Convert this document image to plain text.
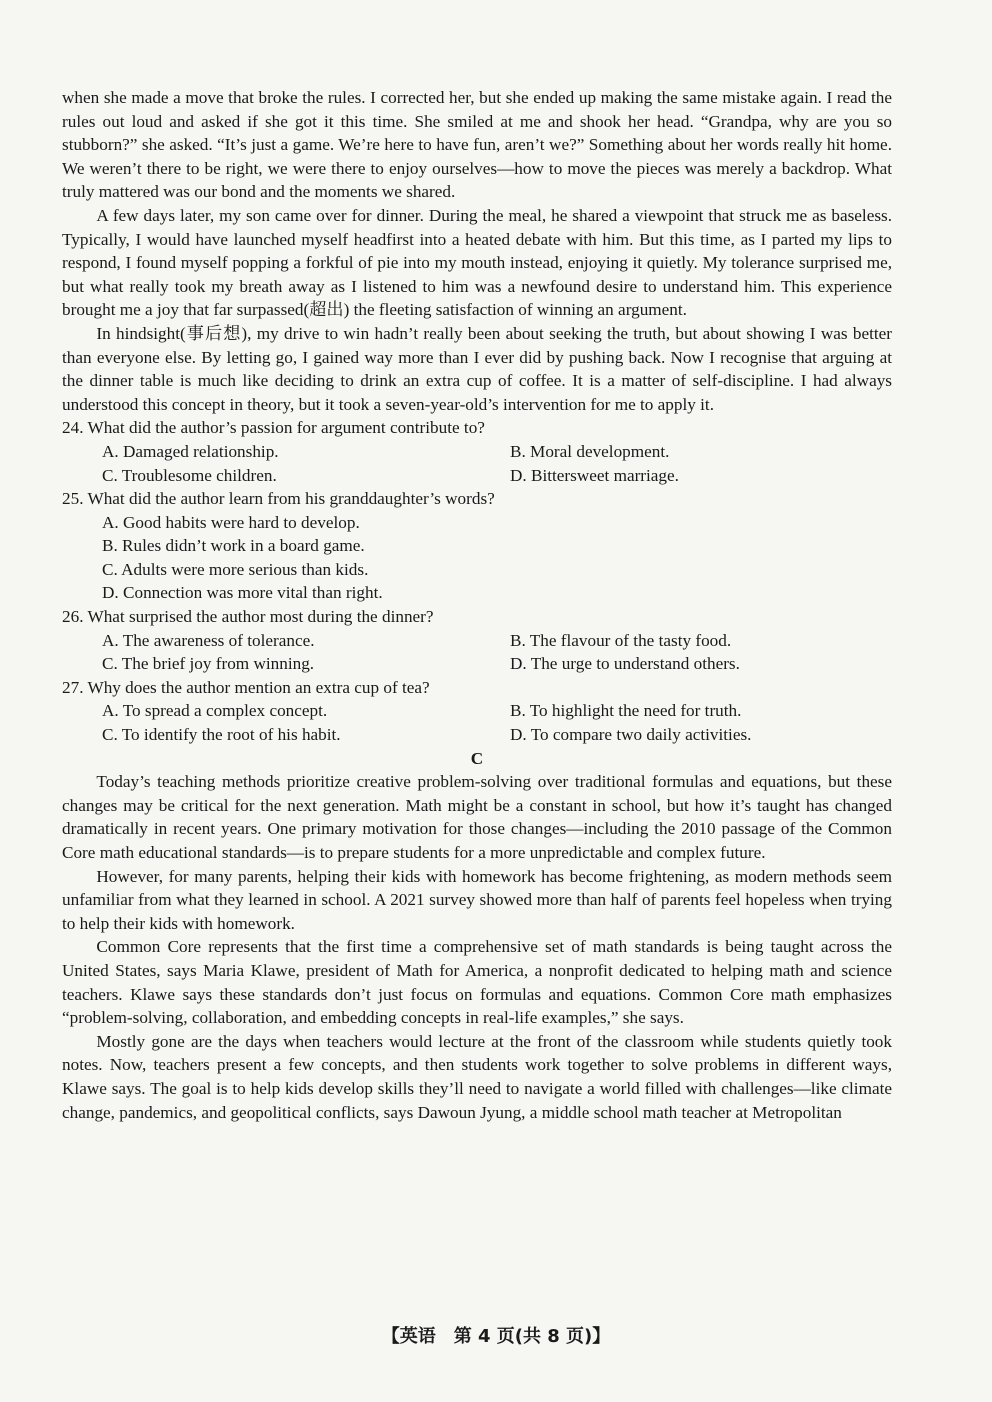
when she made a move that broke the rules. I corrected her, but she ended up making the same mistake again. I read the rules out loud and asked if she got it this time. She smiled at me and shook her head. “Grandpa, why are you so stubborn?” she asked. “It’s just a game. We’re here to have fun, aren’t we?” Something about her words really hit home. We weren’t there to be right, we were there to enjoy ourselves—how to move the pieces was merely a backdrop. What truly mattered was our bond and the moments we shared.

A few days later, my son came over for dinner. During the meal, he shared a viewpoint that struck me as baseless. Typically, I would have launched myself headfirst into a heated debate with him. But this time, as I parted my lips to respond, I found myself popping a forkful of pie into my mouth instead, enjoying it quietly. My tolerance surprised me, but what really took my breath away as I listened to him was a newfound desire to understand him. This experience brought me a joy that far surpassed(超出) the fleeting satisfaction of winning an argument.

In hindsight(事后想), my drive to win hadn’t really been about seeking the truth, but about showing I was better than everyone else. By letting go, I gained way more than I ever did by pushing back. Now I recognise that arguing at the dinner table is much like deciding to drink an extra cup of coffee. It is a matter of self-discipline. I had always understood this concept in theory, but it took a seven-year-old’s intervention for me to apply it.

24. What did the author’s passion for argument contribute to?

A. Damaged relationship.	B. Moral development.
C. Troublesome children.	D. Bittersweet marriage.

25. What did the author learn from his granddaughter’s words?

A. Good habits were hard to develop.
B. Rules didn’t work in a board game.
C. Adults were more serious than kids.
D. Connection was more vital than right.

26. What surprised the author most during the dinner?

A. The awareness of tolerance.	B. The flavour of the tasty food.
C. The brief joy from winning.	D. The urge to understand others.

27. Why does the author mention an extra cup of tea?

A. To spread a complex concept.	B. To highlight the need for truth.
C. To identify the root of his habit.	D. To compare two daily activities.

C

Today’s teaching methods prioritize creative problem-solving over traditional formulas and equations, but these changes may be critical for the next generation. Math might be a constant in school, but how it’s taught has changed dramatically in recent years. One primary motivation for those changes—including the 2010 passage of the Common Core math educational standards—is to prepare students for a more unpredictable and complex future.

However, for many parents, helping their kids with homework has become frightening, as modern methods seem unfamiliar from what they learned in school. A 2021 survey showed more than half of parents feel hopeless when trying to help their kids with homework.

Common Core represents that the first time a comprehensive set of math standards is being taught across the United States, says Maria Klawe, president of Math for America, a nonprofit dedicated to helping math and science teachers. Klawe says these standards don’t just focus on formulas and equations. Common Core math emphasizes “problem-solving, collaboration, and embedding concepts in real-life examples,” she says.

Mostly gone are the days when teachers would lecture at the front of the classroom while students quietly took notes. Now, teachers present a few concepts, and then students work together to solve problems in different ways, Klawe says. The goal is to help kids develop skills they’ll need to navigate a world filled with challenges—like climate change, pandemics, and geopolitical conflicts, says Dawoun Jyung, a middle school math teacher at Metropolitan

【英语　第 4 页(共 8 页)】
